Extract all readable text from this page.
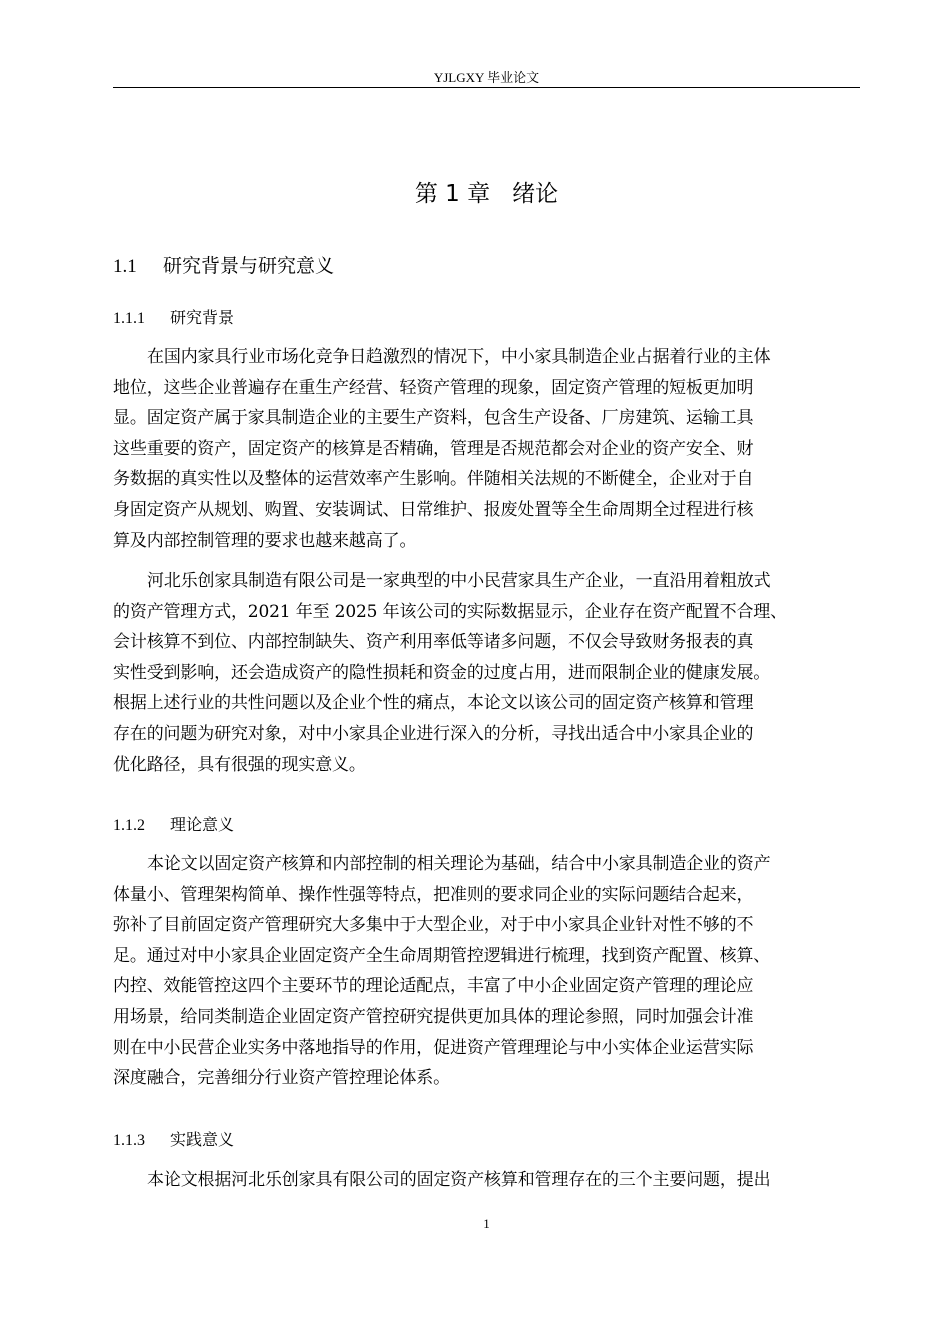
YJLGXY 毕业论文
第 1 章 绪论
1.1 研究背景与研究意义
1.1.1 研究背景
在国内家具行业市场化竞争日趋激烈的情况下，中小家具制造企业占据着行业的主体
地位，这些企业普遍存在重生产经营、轻资产管理的现象，固定资产管理的短板更加明
显。固定资产属于家具制造企业的主要生产资料，包含生产设备、厂房建筑、运输工具
这些重要的资产，固定资产的核算是否精确，管理是否规范都会对企业的资产安全、财
务数据的真实性以及整体的运营效率产生影响。伴随相关法规的不断健全，企业对于自
身固定资产从规划、购置、安装调试、日常维护、报废处置等全生命周期全过程进行核
算及内部控制管理的要求也越来越高了。
河北乐创家具制造有限公司是一家典型的中小民营家具生产企业，一直沿用着粗放式
的资产管理方式，2021 年至 2025 年该公司的实际数据显示，企业存在资产配置不合理、
会计核算不到位、内部控制缺失、资产利用率低等诸多问题，不仅会导致财务报表的真
实性受到影响，还会造成资产的隐性损耗和资金的过度占用，进而限制企业的健康发展。
根据上述行业的共性问题以及企业个性的痛点，本论文以该公司的固定资产核算和管理
存在的问题为研究对象，对中小家具企业进行深入的分析，寻找出适合中小家具企业的
优化路径，具有很强的现实意义。
1.1.2 理论意义
本论文以固定资产核算和内部控制的相关理论为基础，结合中小家具制造企业的资产
体量小、管理架构简单、操作性强等特点，把准则的要求同企业的实际问题结合起来，
弥补了目前固定资产管理研究大多集中于大型企业，对于中小家具企业针对性不够的不
足。通过对中小家具企业固定资产全生命周期管控逻辑进行梳理，找到资产配置、核算、
内控、效能管控这四个主要环节的理论适配点，丰富了中小企业固定资产管理的理论应
用场景，给同类制造企业固定资产管控研究提供更加具体的理论参照，同时加强会计准
则在中小民营企业实务中落地指导的作用，促进资产管理理论与中小实体企业运营实际
深度融合，完善细分行业资产管控理论体系。
1.1.3 实践意义
本论文根据河北乐创家具有限公司的固定资产核算和管理存在的三个主要问题，提出
1
